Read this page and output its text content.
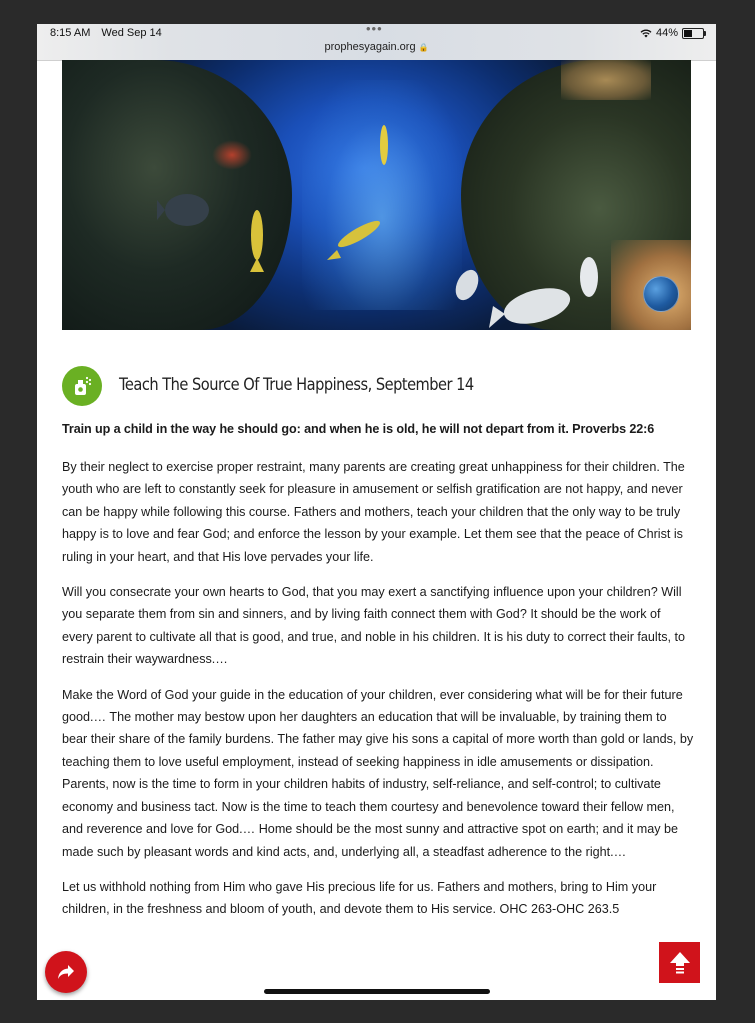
8:15 AM Wed Sep 14	•••
prophesyagain.org 🔒
44%
Teach The Source Of True Happiness, September 14

Train up a child in the way he should go: and when he is old, he will not depart from it. Proverbs 22:6

By their neglect to exercise proper restraint, many parents are creating great unhappiness for their children. The youth who are left to constantly seek for pleasure in amusement or selfish gratification are not happy, and never can be happy while following this course. Fathers and mothers, teach your children that the only way to be truly happy is to love and fear God; and enforce the lesson by your example. Let them see that the peace of Christ is ruling in your heart, and that His love pervades your life.

Will you consecrate your own hearts to God, that you may exert a sanctifying influence upon your children? Will you separate them from sin and sinners, and by living faith connect them with God? It should be the work of every parent to cultivate all that is good, and true, and noble in his children. It is his duty to correct their faults, to restrain their waywardness.…

Make the Word of God your guide in the education of your children, ever considering what will be for their future good.… The mother may bestow upon her daughters an education that will be invaluable, by training them to bear their share of the family burdens. The father may give his sons a capital of more worth than gold or lands, by teaching them to love useful employment, instead of seeking happiness in idle amusements or dissipation. Parents, now is the time to form in your children habits of industry, self-reliance, and self-control; to cultivate economy and business tact. Now is the time to teach them courtesy and benevolence toward their fellow men, and reverence and love for God.… Home should be the most sunny and attractive spot on earth; and it may be made such by pleasant words and kind acts, and, underlying all, a steadfast adherence to the right.…

Let us withhold nothing from Him who gave His precious life for us. Fathers and mothers, bring to Him your children, in the freshness and bloom of youth, and devote them to His service. OHC 263-OHC 263.5
